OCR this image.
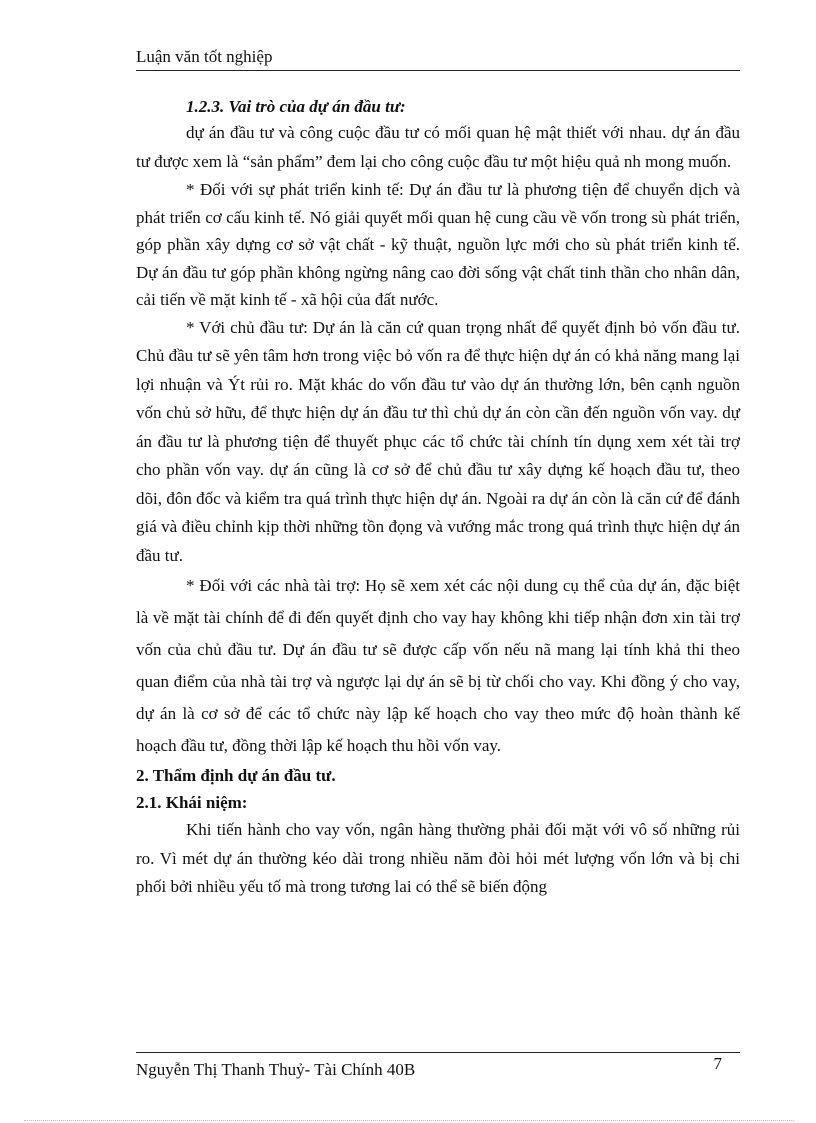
Luận văn tốt nghiệp

1.2.3. Vai trò của dự án đầu tư:

dự án đầu tư và công cuộc đầu tư có mối quan hệ mật thiết với nhau. dự án đầu tư được xem là “sản phẩm” đem lại cho công cuộc đầu tư một hiệu quả nh mong muốn.

* Đối với sự phát triển kinh tế: Dự án đầu tư là phương tiện để chuyển dịch và phát triển cơ cấu kinh tế. Nó giải quyết mối quan hệ cung cầu về vốn trong sù phát triển, góp phần xây dựng cơ sở vật chất - kỹ thuật, nguồn lực mới cho sù phát triển kinh tế. Dự án đầu tư góp phần không ngừng nâng cao đời sống vật chất tinh thần cho nhân dân, cải tiến về mặt kinh tế - xã hội của đất nước.

* Với chủ đầu tư: Dự án là căn cứ quan trọng nhất để quyết định bỏ vốn đầu tư. Chủ đầu tư sẽ yên tâm hơn trong việc bỏ vốn ra để thực hiện dự án có khả năng mang lại lợi nhuận và Ýt rủi ro. Mặt khác do vốn đầu tư vào dự án thường lớn, bên cạnh nguồn vốn chủ sở hữu, để thực hiện dự án đầu tư thì chủ dự án còn cần đến nguồn vốn vay. dự án đầu tư là phương tiện để thuyết phục các tổ chức tài chính tín dụng xem xét tài trợ cho phần vốn vay. dự án cũng là cơ sở để chủ đầu tư xây dựng kế hoạch đầu tư, theo dõi, đôn đốc và kiểm tra quá trình thực hiện dự án. Ngoài ra dự án còn là căn cứ để đánh giá và điều chỉnh kịp thời những tồn đọng và vướng mắc trong quá trình thực hiện dự án đầu tư.

* Đối với các nhà tài trợ: Họ sẽ xem xét các nội dung cụ thể của dự án, đặc biệt là về mặt tài chính để đi đến quyết định cho vay hay không khi tiếp nhận đơn xin tài trợ vốn của chủ đầu tư. Dự án đầu tư sẽ được cấp vốn nếu nã mang lại tính khả thi theo quan điểm của nhà tài trợ và ngược lại dự án sẽ bị từ chối cho vay. Khi đồng ý cho vay, dự án là cơ sở để các tổ chức này lập kế hoạch cho vay theo mức độ hoàn thành kế hoạch đầu tư, đồng thời lập kế hoạch thu hồi vốn vay.

2. Thẩm định dự án đầu tư.

2.1. Khái niệm:

Khi tiến hành cho vay vốn, ngân hàng thường phải đối mặt với vô số những rủi ro. Vì mét dự án thường kéo dài trong nhiều năm đòi hỏi mét lượng vốn lớn và bị chi phối bởi nhiều yếu tố mà trong tương lai có thể sẽ biến động

Nguyễn Thị Thanh Thuỷ- Tài Chính 40B	7
